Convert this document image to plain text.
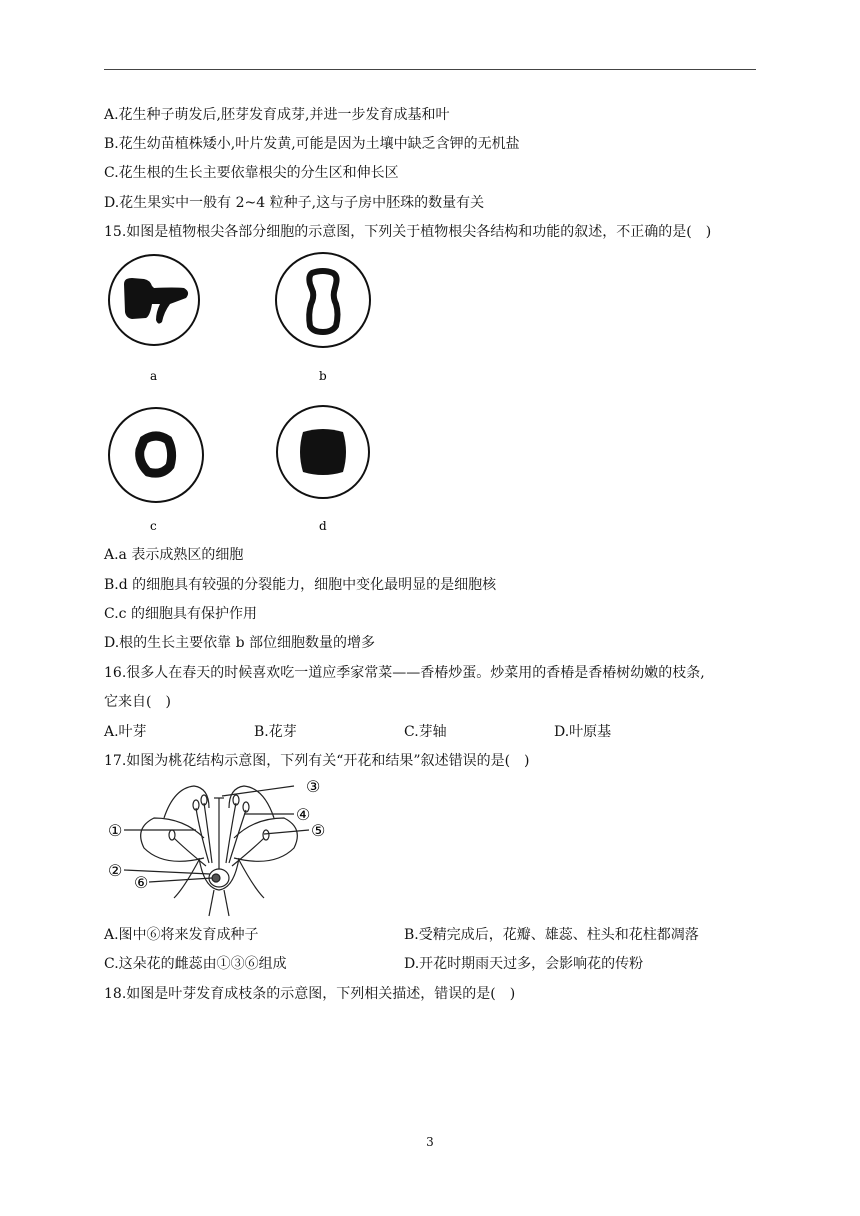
A.花生种子萌发后,胚芽发育成芽,并进一步发育成基和叶
B.花生幼苗植株矮小,叶片发黄,可能是因为土壤中缺乏含钾的无机盐
C.花生根的生长主要依靠根尖的分生区和伸长区
D.花生果实中一般有 2~4 粒种子,这与子房中胚珠的数量有关
15.如图是植物根尖各部分细胞的示意图，下列关于植物根尖各结构和功能的叙述，不正确的是(　)
a	b
c	d
A.a 表示成熟区的细胞
B.d 的细胞具有较强的分裂能力，细胞中变化最明显的是细胞核
C.c 的细胞具有保护作用
D.根的生长主要依靠 b 部位细胞数量的增多
16.很多人在春天的时候喜欢吃一道应季家常菜——香椿炒蛋。炒菜用的香椿是香椿树幼嫩的枝条,
它来自(　)
A.叶芽	B.花芽	C.芽轴	D.叶原基
17.如图为桃花结构示意图，下列有关“开花和结果”叙述错误的是(　)
①
②
③
④
⑤
⑥
A.图中⑥将来发育成种子	B.受精完成后，花瓣、雄蕊、柱头和花柱都凋落
C.这朵花的雌蕊由①③⑥组成	D.开花时期雨天过多，会影响花的传粉
18.如图是叶芽发育成枝条的示意图，下列相关描述，错误的是(　)
3
